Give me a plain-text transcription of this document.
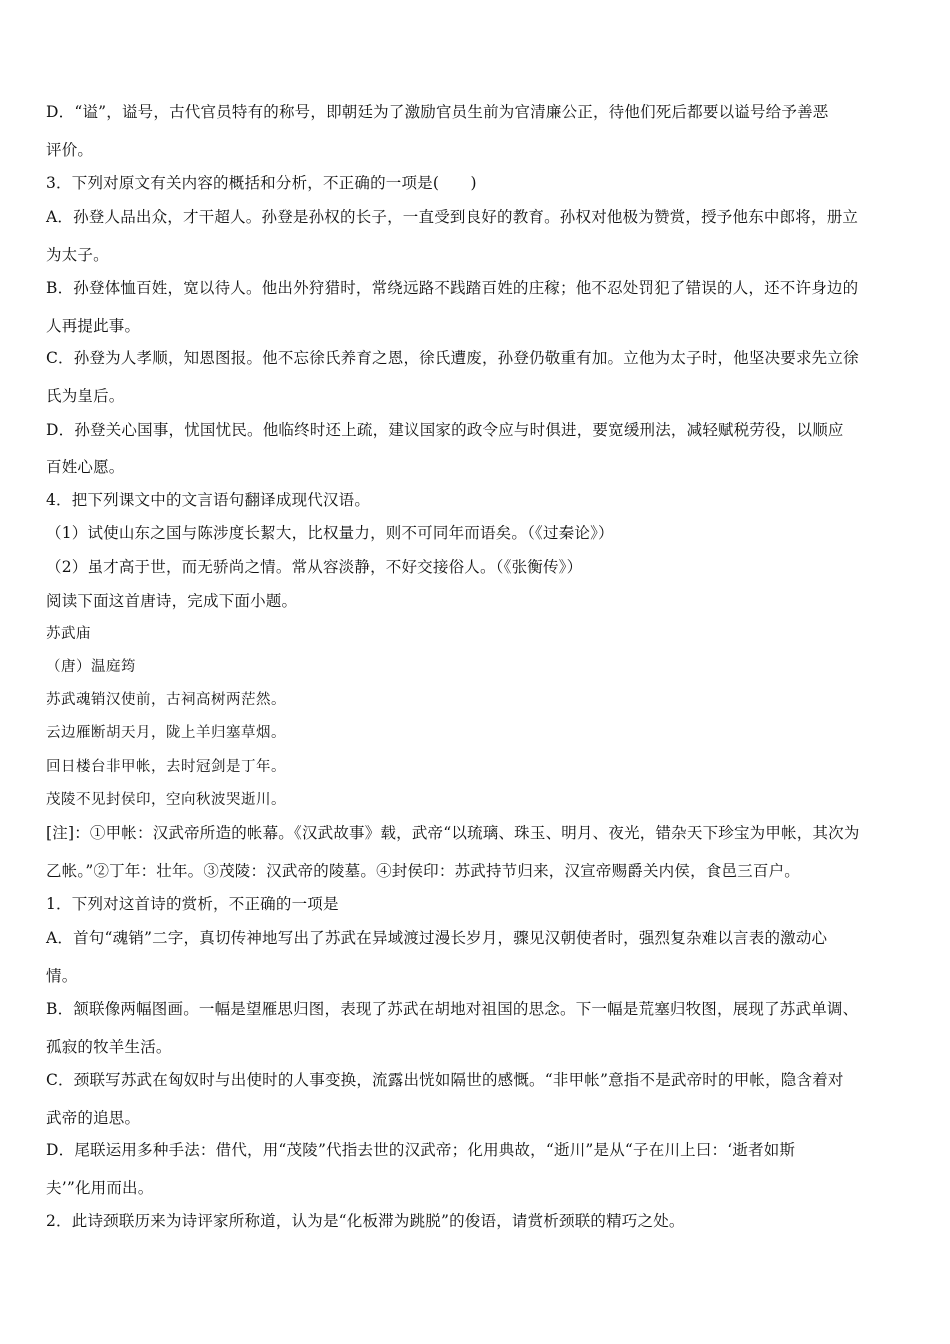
D．“谥”，谥号，古代官员特有的称号，即朝廷为了激励官员生前为官清廉公正，待他们死后都要以谥号给予善恶
评价。
3．下列对原文有关内容的概括和分析，不正确的一项是(　　)
A．孙登人品出众，才干超人。孙登是孙权的长子，一直受到良好的教育。孙权对他极为赞赏，授予他东中郎将，册立
为太子。
B．孙登体恤百姓，宽以待人。他出外狩猎时，常绕远路不践踏百姓的庄稼；他不忍处罚犯了错误的人，还不许身边的
人再提此事。
C．孙登为人孝顺，知恩图报。他不忘徐氏养育之恩，徐氏遭废，孙登仍敬重有加。立他为太子时，他坚决要求先立徐
氏为皇后。
D．孙登关心国事，忧国忧民。他临终时还上疏，建议国家的政令应与时俱进，要宽缓刑法，减轻赋税劳役，以顺应
百姓心愿。
4．把下列课文中的文言语句翻译成现代汉语。
（1）试使山东之国与陈涉度长絜大，比权量力，则不可同年而语矣。（《过秦论》）
（2）虽才高于世，而无骄尚之情。常从容淡静，不好交接俗人。（《张衡传》）
阅读下面这首唐诗，完成下面小题。
苏武庙
（唐）温庭筠
苏武魂销汉使前，古祠高树两茫然。
云边雁断胡天月，陇上羊归塞草烟。
回日楼台非甲帐，去时冠剑是丁年。
茂陵不见封侯印，空向秋波哭逝川。
[注]：①甲帐：汉武帝所造的帐幕。《汉武故事》载，武帝“以琉璃、珠玉、明月、夜光，错杂天下珍宝为甲帐，其次为
乙帐。”②丁年：壮年。③茂陵：汉武帝的陵墓。④封侯印：苏武持节归来，汉宣帝赐爵关内侯，食邑三百户。
1．下列对这首诗的赏析，不正确的一项是
A．首句“魂销”二字，真切传神地写出了苏武在异域渡过漫长岁月，骤见汉朝使者时，强烈复杂难以言表的激动心
情。
B．颔联像两幅图画。一幅是望雁思归图，表现了苏武在胡地对祖国的思念。下一幅是荒塞归牧图，展现了苏武单调、
孤寂的牧羊生活。
C．颈联写苏武在匈奴时与出使时的人事变换，流露出恍如隔世的感慨。“非甲帐”意指不是武帝时的甲帐，隐含着对
武帝的追思。
D．尾联运用多种手法：借代，用“茂陵”代指去世的汉武帝；化用典故，“逝川”是从“子在川上曰：‘逝者如斯
夫’”化用而出。
2．此诗颈联历来为诗评家所称道，认为是“化板滞为跳脱”的俊语，请赏析颈联的精巧之处。
